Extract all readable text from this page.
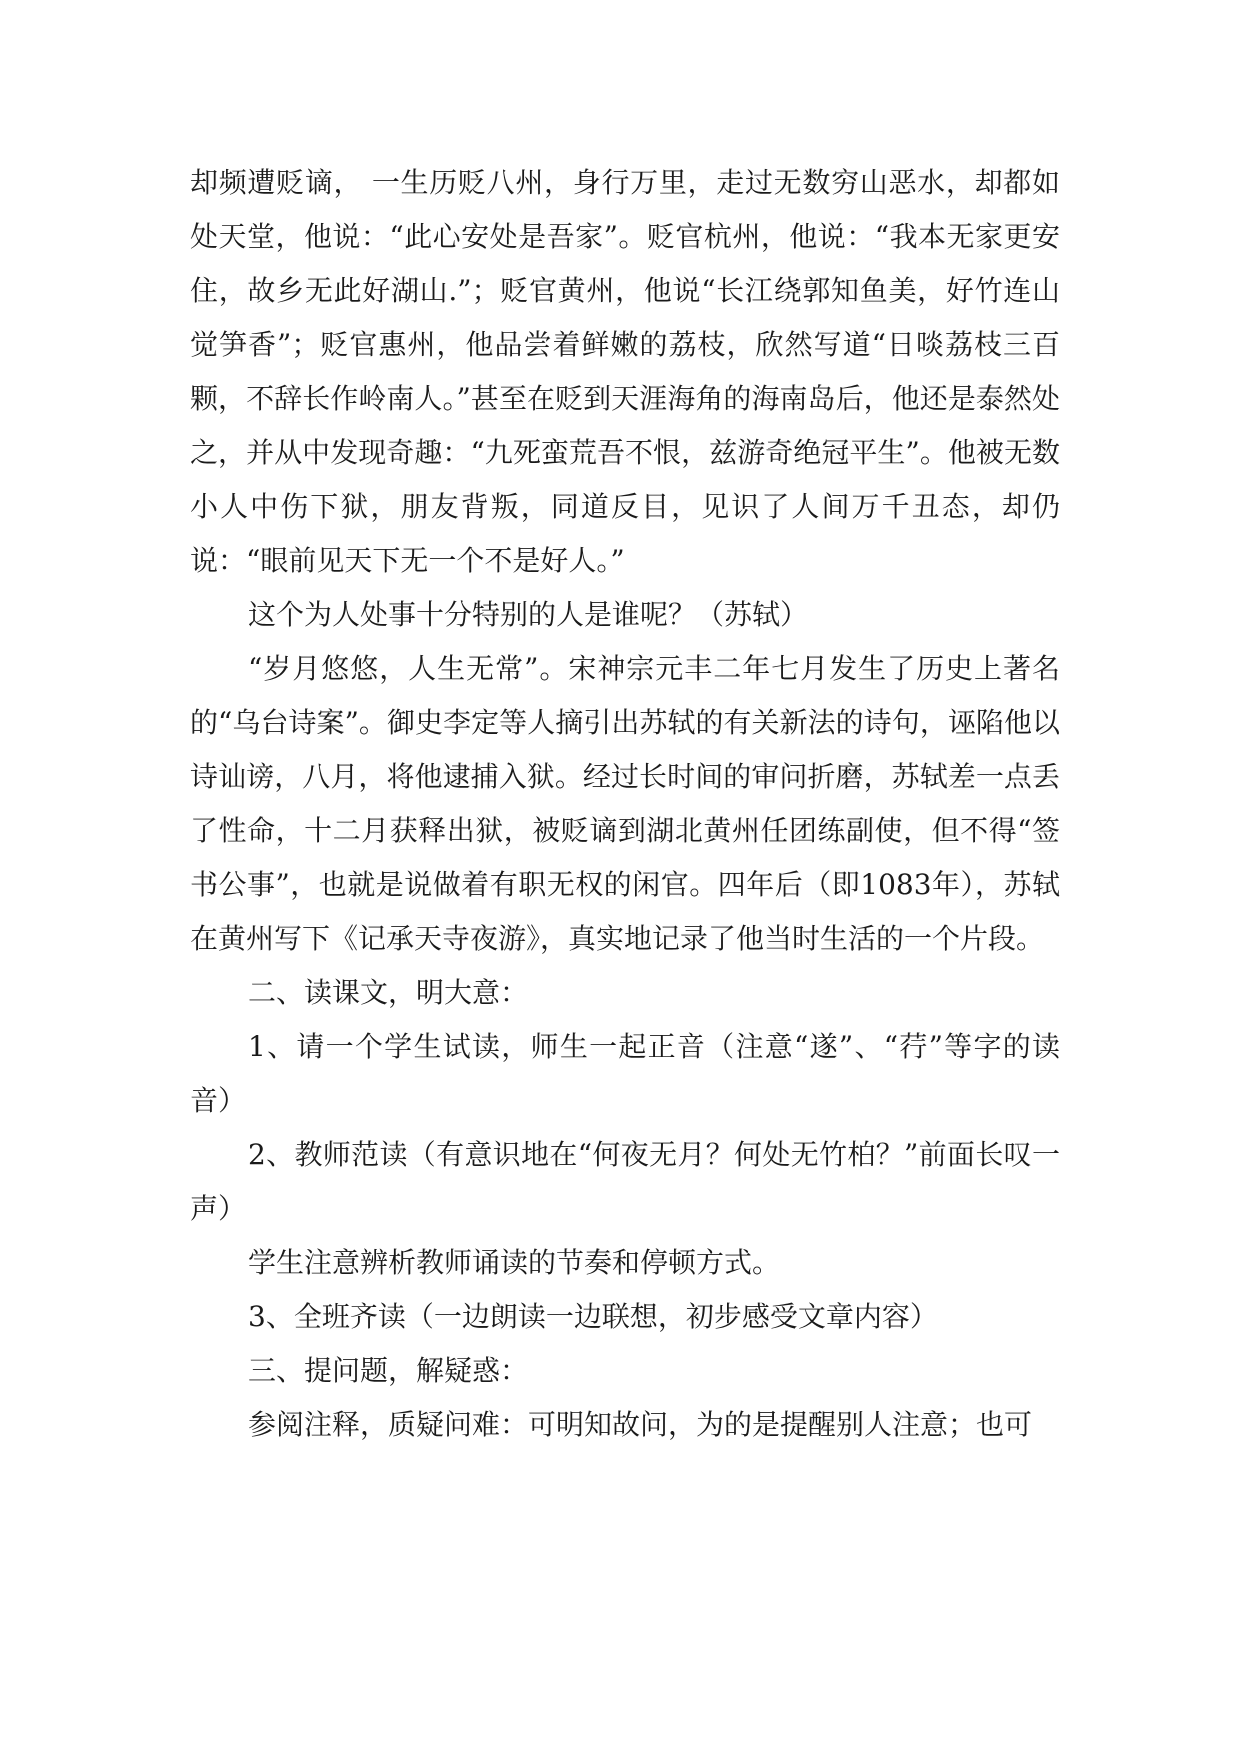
却频遭贬谪， 一生历贬八州，身行万里，走过无数穷山恶水，却都如处天堂，他说：“此心安处是吾家”。贬官杭州，他说：“我本无家更安住，故乡无此好湖山.”；贬官黄州，他说“长江绕郭知鱼美，好竹连山觉笋香”；贬官惠州，他品尝着鲜嫩的荔枝，欣然写道“日啖荔枝三百颗，不辞长作岭南人。”甚至在贬到天涯海角的海南岛后，他还是泰然处之，并从中发现奇趣：“九死蛮荒吾不恨，兹游奇绝冠平生”。他被无数小人中伤下狱，朋友背叛，同道反目，见识了人间万千丑态，却仍说：“眼前见天下无一个不是好人。”

这个为人处事十分特别的人是谁呢？（苏轼）

“岁月悠悠，人生无常”。宋神宗元丰二年七月发生了历史上著名的“乌台诗案”。御史李定等人摘引出苏轼的有关新法的诗句，诬陷他以诗讪谤，八月，将他逮捕入狱。经过长时间的审问折磨，苏轼差一点丢了性命，十二月获释出狱，被贬谪到湖北黄州任团练副使，但不得“签书公事”，也就是说做着有职无权的闲官。四年后（即1083年），苏轼在黄州写下《记承天寺夜游》，真实地记录了他当时生活的一个片段。

二、读课文，明大意：

1、请一个学生试读，师生一起正音（注意“遂”、“荇”等字的读音）

2、教师范读（有意识地在“何夜无月？何处无竹柏？”前面长叹一声）

学生注意辨析教师诵读的节奏和停顿方式。

3、全班齐读（一边朗读一边联想，初步感受文章内容）

三、提问题，解疑惑：

参阅注释，质疑问难：可明知故问，为的是提醒别人注意；也可
